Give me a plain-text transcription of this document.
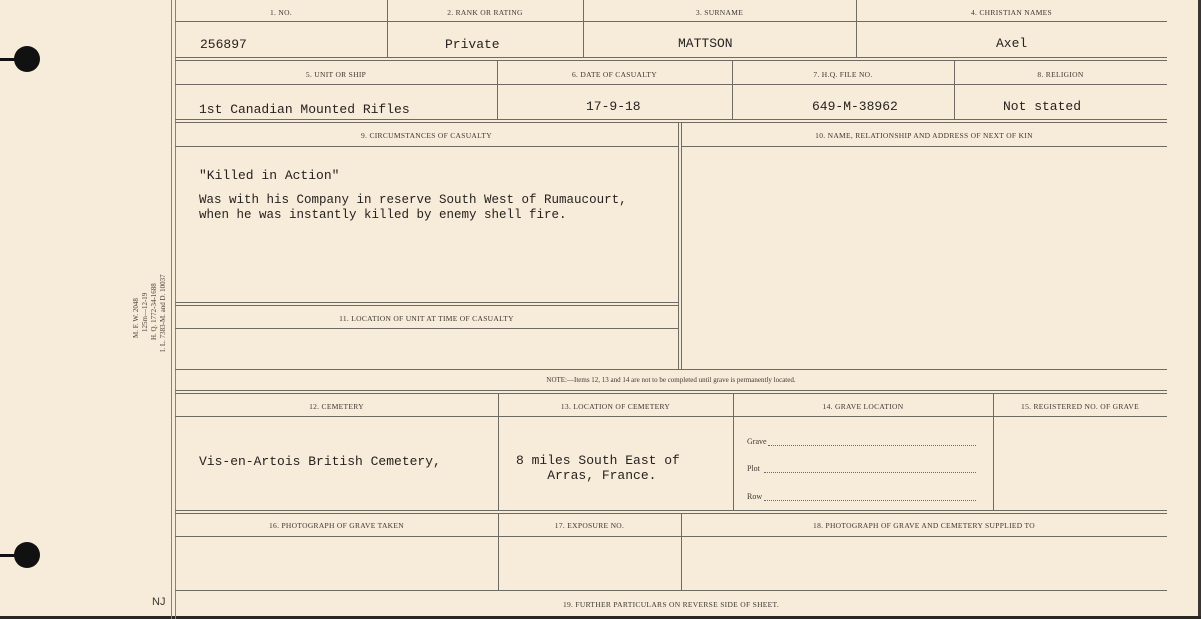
M. F. W. 2048 125m—12-19 H. Q. 1772-34-1688 I. L. 7383-M. and D. 10037
NJ
1. NO.	2. RANK OR RATING	3. SURNAME	4. CHRISTIAN NAMES
256897	Private	MATTSON	Axel
5. UNIT OR SHIP	6. DATE OF CASUALTY	7. H.Q. FILE NO.	8. RELIGION
1st Canadian Mounted Rifles	17-9-18	649-M-38962	Not stated
9. CIRCUMSTANCES OF CASUALTY	10. NAME, RELATIONSHIP AND ADDRESS OF NEXT OF KIN
"Killed in Action"
Was with his Company in reserve South West of Rumaucourt,
when he was instantly killed by enemy shell fire.
11. LOCATION OF UNIT AT TIME OF CASUALTY
NOTE:—Items 12, 13 and 14 are not to be completed until grave is permanently located.
12. CEMETERY	13. LOCATION OF CEMETERY	14. GRAVE LOCATION	15. REGISTERED NO. OF GRAVE
Vis-en-Artois British Cemetery,	8 miles South East of
Arras, France.
Grave
Plot
Row
16. PHOTOGRAPH OF GRAVE TAKEN	17. EXPOSURE NO.	18. PHOTOGRAPH OF GRAVE AND CEMETERY SUPPLIED TO
19. FURTHER PARTICULARS ON REVERSE SIDE OF SHEET.
